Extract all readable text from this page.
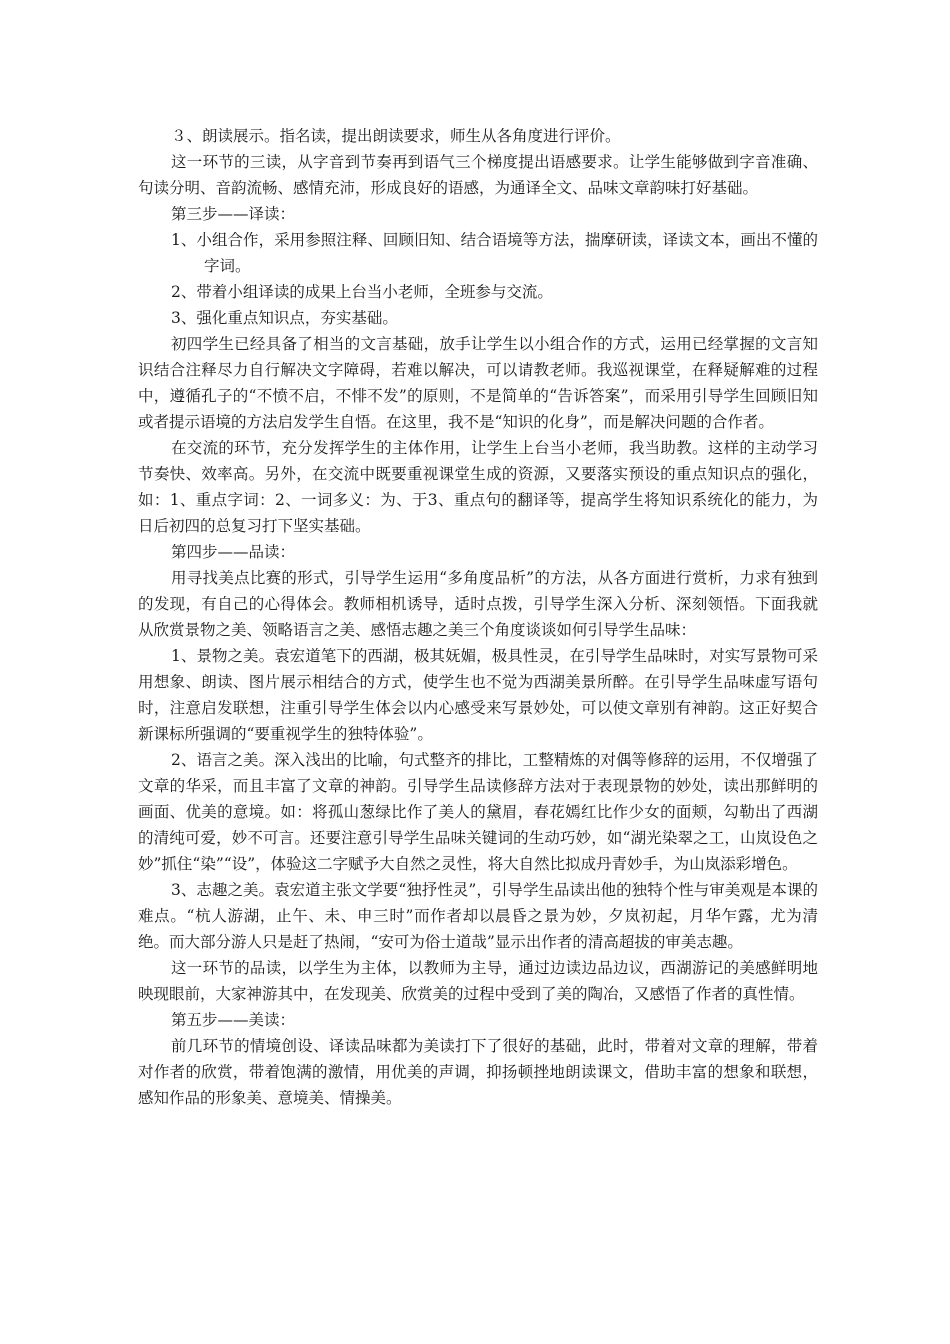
３、朗读展示。指名读，提出朗读要求，师生从各角度进行评价。

这一环节的三读，从字音到节奏再到语气三个梯度提出语感要求。让学生能够做到字音准确、句读分明、音韵流畅、感情充沛，形成良好的语感，为通译全文、品味文章韵味打好基础。

第三步——译读：

1、小组合作，采用参照注释、回顾旧知、结合语境等方法，揣摩研读，译读文本，画出不懂的字词。

2、带着小组译读的成果上台当小老师，全班参与交流。

3、强化重点知识点，夯实基础。

初四学生已经具备了相当的文言基础，放手让学生以小组合作的方式，运用已经掌握的文言知识结合注释尽力自行解决文字障碍，若难以解决，可以请教老师。我巡视课堂，在释疑解难的过程中，遵循孔子的“不愤不启，不悱不发”的原则，不是简单的“告诉答案”，而采用引导学生回顾旧知或者提示语境的方法启发学生自悟。在这里，我不是“知识的化身”，而是解决问题的合作者。

在交流的环节，充分发挥学生的主体作用，让学生上台当小老师，我当助教。这样的主动学习节奏快、效率高。另外，在交流中既要重视课堂生成的资源，又要落实预设的重点知识点的强化，如：1、重点字词：2、一词多义：为、于3、重点句的翻译等，提高学生将知识系统化的能力，为日后初四的总复习打下坚实基础。

第四步——品读：

用寻找美点比赛的形式，引导学生运用“多角度品析”的方法，从各方面进行赏析，力求有独到的发现，有自己的心得体会。教师相机诱导，适时点拨，引导学生深入分析、深刻领悟。下面我就从欣赏景物之美、领略语言之美、感悟志趣之美三个角度谈谈如何引导学生品味：

1、景物之美。袁宏道笔下的西湖，极其妩媚，极具性灵，在引导学生品味时，对实写景物可采用想象、朗读、图片展示相结合的方式，使学生也不觉为西湖美景所醉。在引导学生品味虚写语句时，注意启发联想，注重引导学生体会以内心感受来写景妙处，可以使文章别有神韵。这正好契合新课标所强调的“要重视学生的独特体验”。

2、语言之美。深入浅出的比喻，句式整齐的排比，工整精炼的对偶等修辞的运用，不仅增强了文章的华采，而且丰富了文章的神韵。引导学生品读修辞方法对于表现景物的妙处，读出那鲜明的画面、优美的意境。如：将孤山葱绿比作了美人的黛眉，春花嫣红比作少女的面颊，勾勒出了西湖的清纯可爱，妙不可言。还要注意引导学生品味关键词的生动巧妙，如“湖光染翠之工，山岚设色之妙”抓住“染”“设”，体验这二字赋予大自然之灵性，将大自然比拟成丹青妙手，为山岚添彩增色。

3、志趣之美。袁宏道主张文学要“独抒性灵”，引导学生品读出他的独特个性与审美观是本课的难点。“杭人游湖，止午、未、申三时”而作者却以晨昏之景为妙，夕岚初起，月华乍露，尤为清绝。而大部分游人只是赶了热闹，“安可为俗士道哉”显示出作者的清高超拔的审美志趣。

这一环节的品读，以学生为主体，以教师为主导，通过边读边品边议，西湖游记的美感鲜明地映现眼前，大家神游其中，在发现美、欣赏美的过程中受到了美的陶冶，又感悟了作者的真性情。

第五步——美读：

前几环节的情境创设、译读品味都为美读打下了很好的基础，此时，带着对文章的理解，带着对作者的欣赏，带着饱满的激情，用优美的声调，抑扬顿挫地朗读课文，借助丰富的想象和联想，感知作品的形象美、意境美、情操美。
